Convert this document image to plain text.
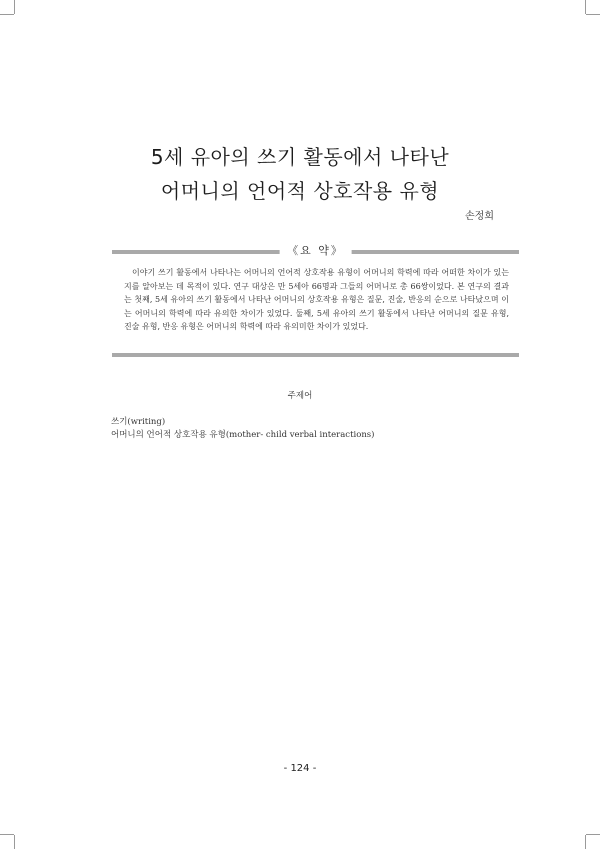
5세 유아의 쓰기 활동에서 나타난
어머니의 언어적 상호작용 유형
손정희
《요 약》

이야기 쓰기 활동에서 나타나는 어머니의 언어적 상호작용 유형이 어머니의 학력에 따라 어떠한 차이가 있는지를 알아보는 데 목적이 있다. 연구 대상은 만 5세아 66명과 그들의 어머니로 총 66쌍이었다. 본 연구의 결과는 첫째, 5세 유아의 쓰기 활동에서 나타난 어머니의 상호작용 유형은 질문, 진술, 반응의 순으로 나타났으며 이는 어머니의 학력에 따라 유의한 차이가 있었다. 둘째, 5세 유아의 쓰기 활동에서 나타난 어머니의 질문 유형, 진술 유형, 반응 유형은 어머니의 학력에 따라 유의미한 차이가 있었다.

주제어
쓰기(writing)
어머니의 언어적 상호작용 유형(mother- child verbal interactions)
- 124 -
